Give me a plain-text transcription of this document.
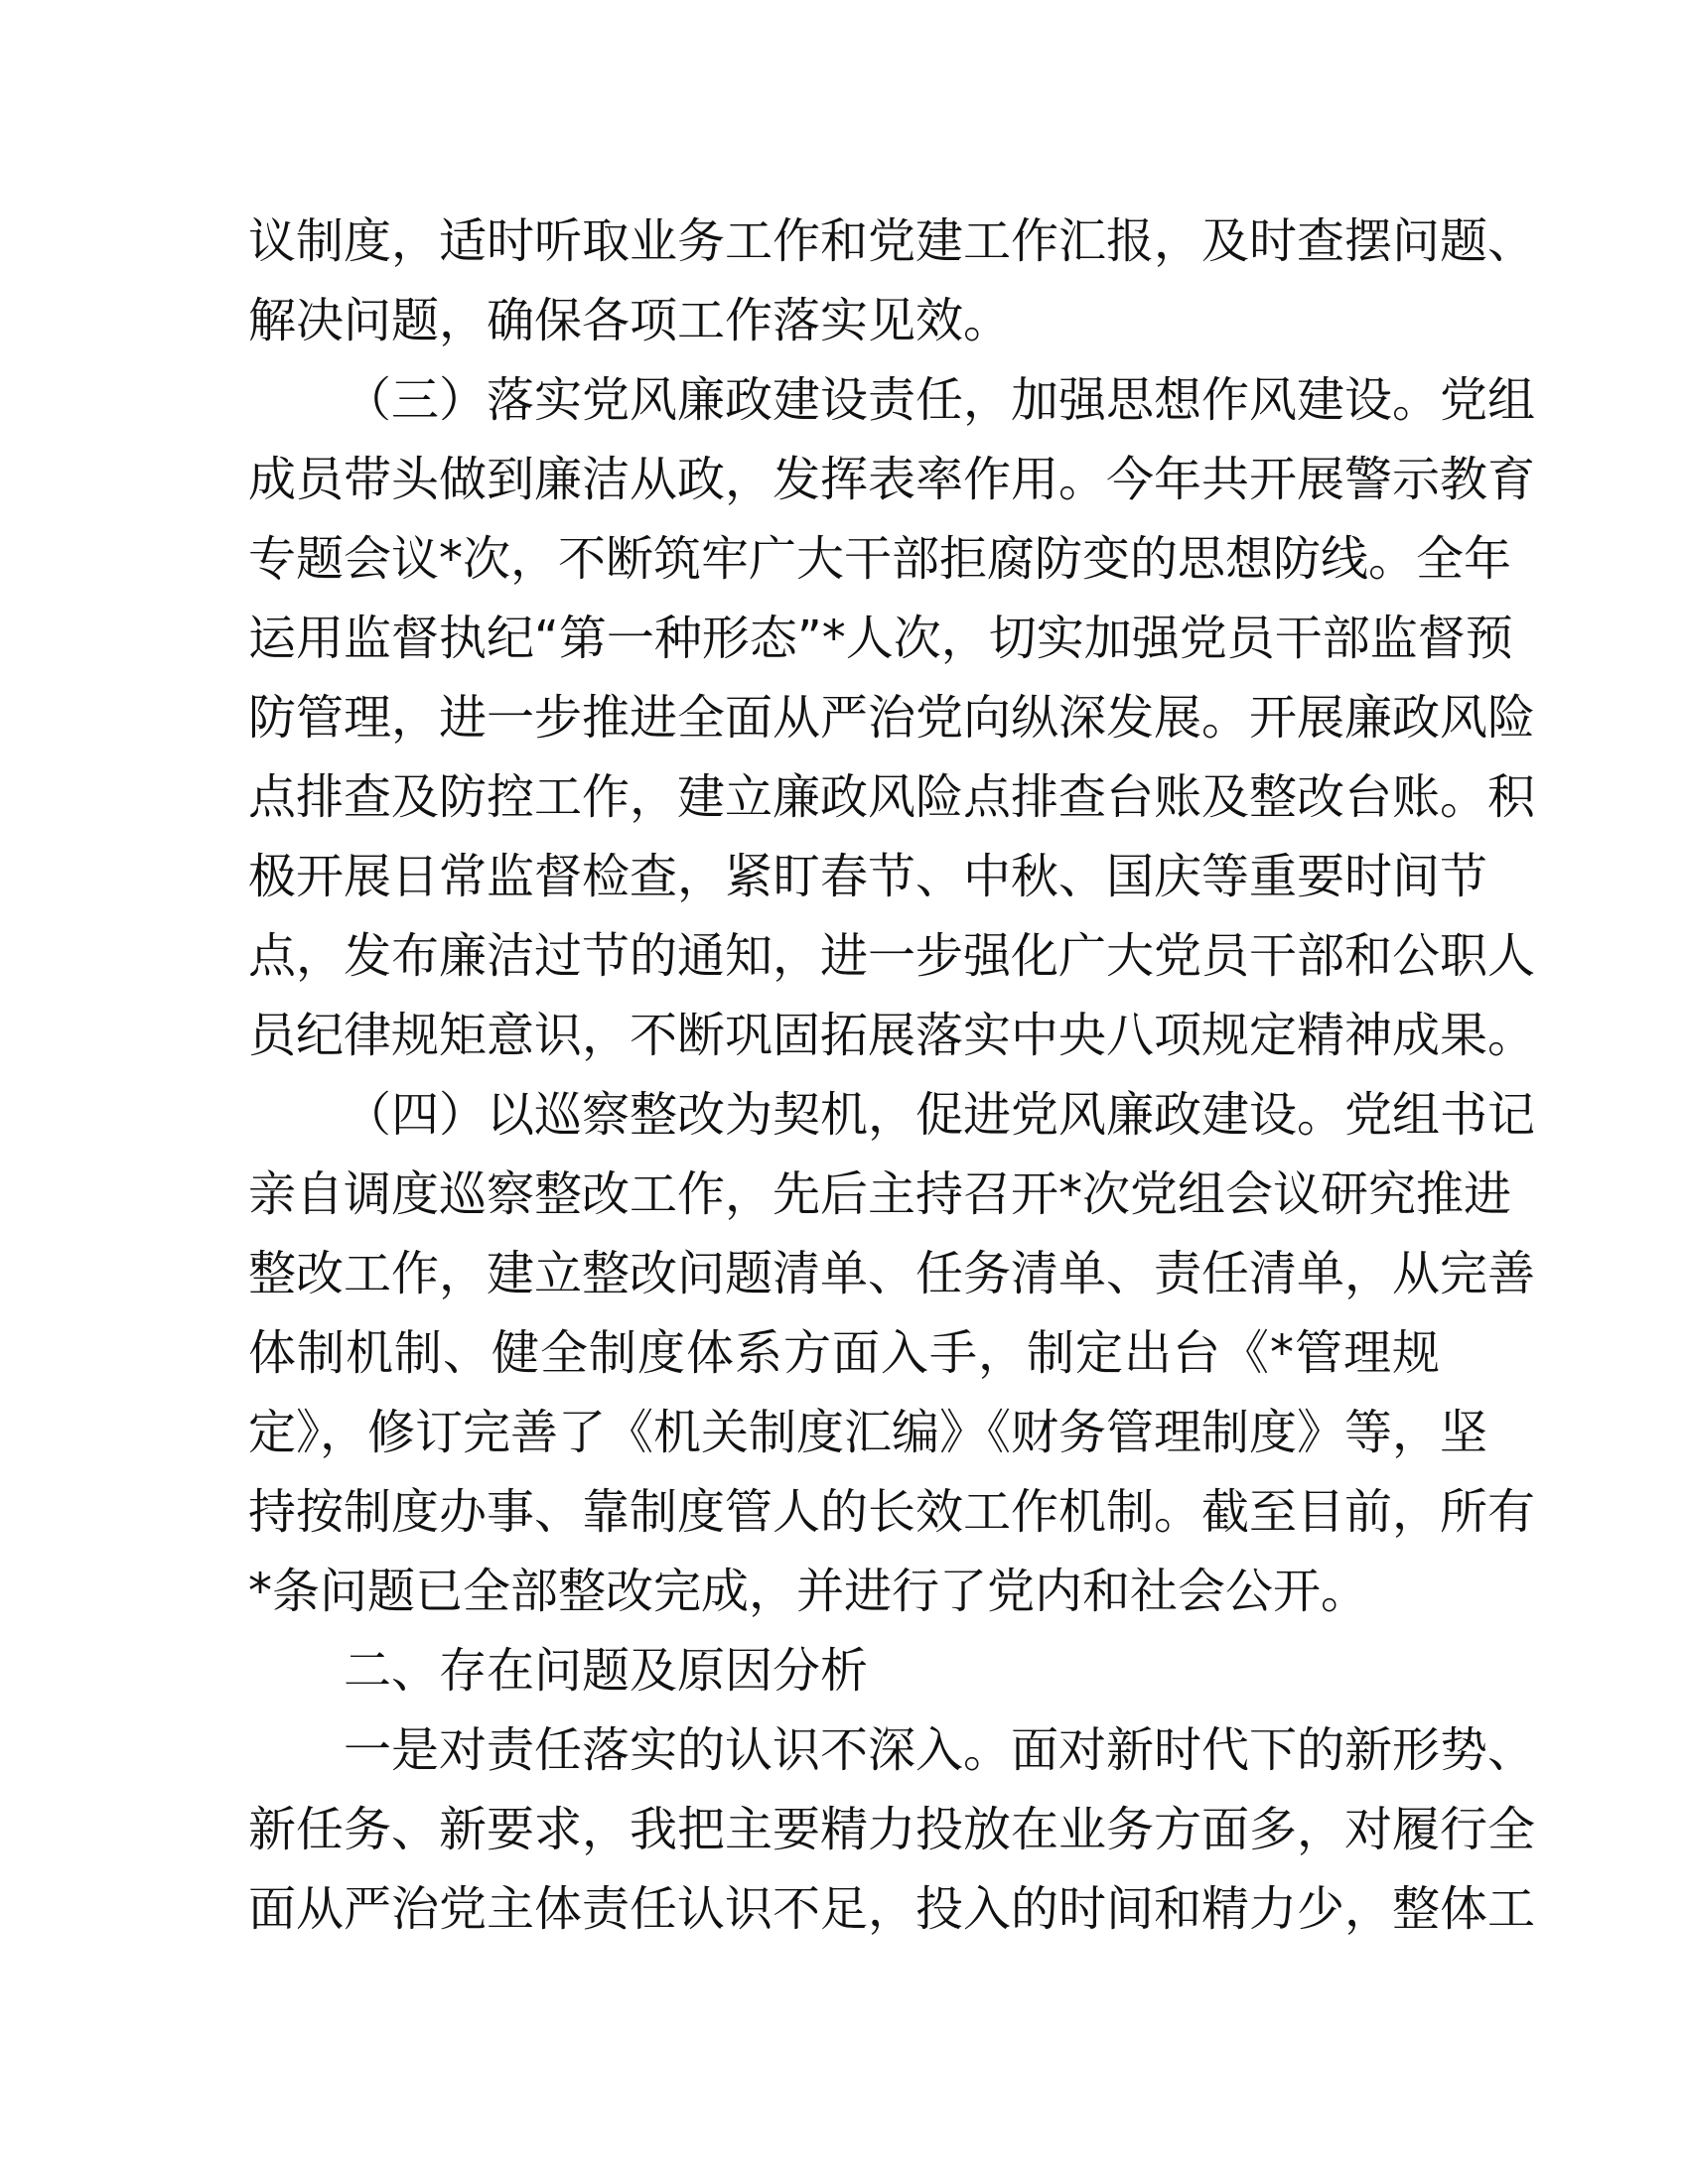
议制度，适时听取业务工作和党建工作汇报，及时查摆问题、
解决问题，确保各项工作落实见效。
（三）落实党风廉政建设责任，加强思想作风建设。党组
成员带头做到廉洁从政，发挥表率作用。今年共开展警示教育
专题会议*次，不断筑牢广大干部拒腐防变的思想防线。全年
运用监督执纪“第一种形态”*人次，切实加强党员干部监督预
防管理，进一步推进全面从严治党向纵深发展。开展廉政风险
点排查及防控工作，建立廉政风险点排查台账及整改台账。积
极开展日常监督检查，紧盯春节、中秋、国庆等重要时间节
点，发布廉洁过节的通知，进一步强化广大党员干部和公职人
员纪律规矩意识，不断巩固拓展落实中央八项规定精神成果。
（四）以巡察整改为契机，促进党风廉政建设。党组书记
亲自调度巡察整改工作，先后主持召开*次党组会议研究推进
整改工作，建立整改问题清单、任务清单、责任清单，从完善
体制机制、健全制度体系方面入手，制定出台《*管理规
定》，修订完善了《机关制度汇编》《财务管理制度》等，坚
持按制度办事、靠制度管人的长效工作机制。截至目前，所有
*条问题已全部整改完成，并进行了党内和社会公开。
二、存在问题及原因分析
一是对责任落实的认识不深入。面对新时代下的新形势、
新任务、新要求，我把主要精力投放在业务方面多，对履行全
面从严治党主体责任认识不足，投入的时间和精力少，整体工
